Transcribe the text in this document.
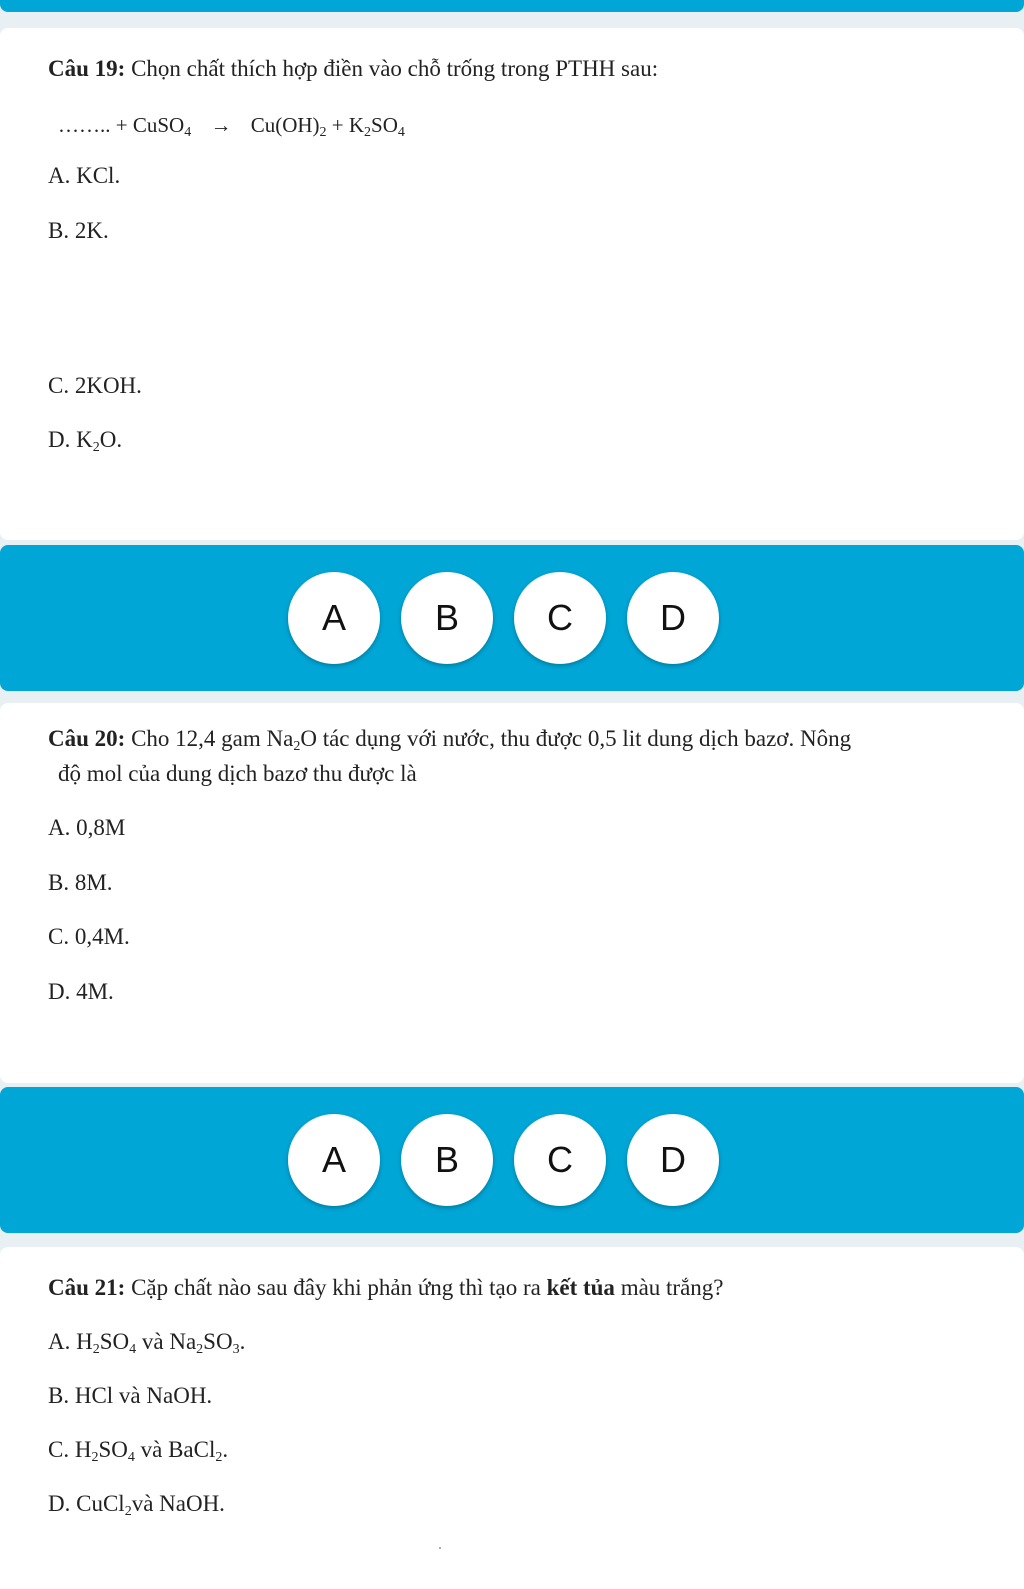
Câu 19: Chọn chất thích hợp điền vào chỗ trống trong PTHH sau:
…….. + CuSO$_4$ → $Cu(OH)_2 + K_2SO_4$
A. KCl.
B. 2K.
C. 2KOH.
D. $K_2O$.
A	B	C	D
Câu 20: Cho 12,4 gam $Na_2O$ tác dụng với nước, thu được 0,5 lit dung dịch bazơ. Nông
độ mol của dung dịch bazơ thu được là
A. 0,8M
B. 8M.
C. 0,4M.
D. 4M.
A	B	C	D
Câu 21: Cặp chất nào sau đây khi phản ứng thì tạo ra kết tủa màu trắng?
A. $H_2SO_4$ và $Na_2SO_3$.
B. HCl và NaOH.
C. $H_2SO_4$ và BaCl$_2$.
D. CuCl$_2$và NaOH.
